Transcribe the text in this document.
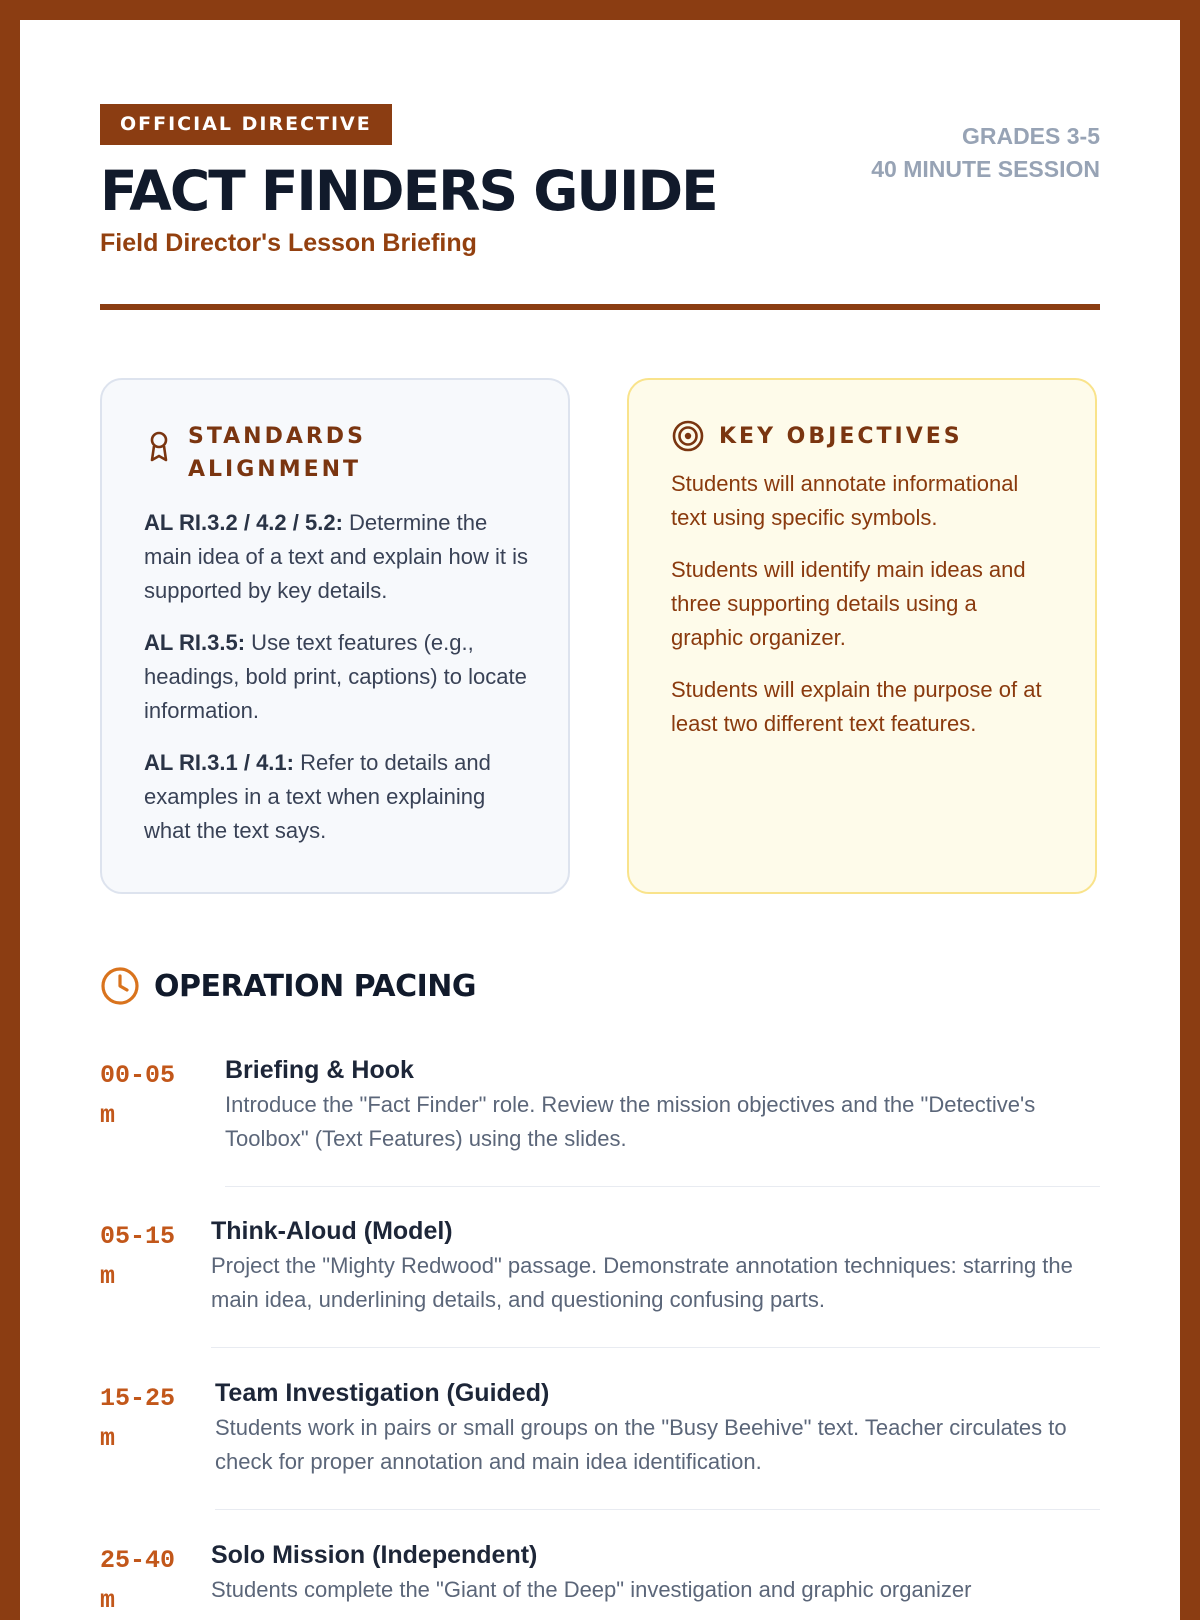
OFFICIAL DIRECTIVE
FACT FINDERS GUIDE
Field Director's Lesson Briefing
GRADES 3-5
40 MINUTE SESSION
STANDARDS
ALIGNMENT
AL RI.3.2 / 4.2 / 5.2: Determine the main idea of a text and explain how it is supported by key details.
AL RI.3.5: Use text features (e.g., headings, bold print, captions) to locate information.
AL RI.3.1 / 4.1: Refer to details and examples in a text when explaining what the text says.
KEY OBJECTIVES
Students will annotate informational text using specific symbols.
Students will identify main ideas and three supporting details using a graphic organizer.
Students will explain the purpose of at least two different text features.
OPERATION PACING
00-05m
Briefing & Hook
Introduce the "Fact Finder" role. Review the mission objectives and the "Detective's Toolbox" (Text Features) using the slides.
05-15m
Think-Aloud (Model)
Project the "Mighty Redwood" passage. Demonstrate annotation techniques: starring the main idea, underlining details, and questioning confusing parts.
15-25m
Team Investigation (Guided)
Students work in pairs or small groups on the "Busy Beehive" text. Teacher circulates to check for proper annotation and main idea identification.
25-40m
Solo Mission (Independent)
Students complete the "Giant of the Deep" investigation and graphic organizer
